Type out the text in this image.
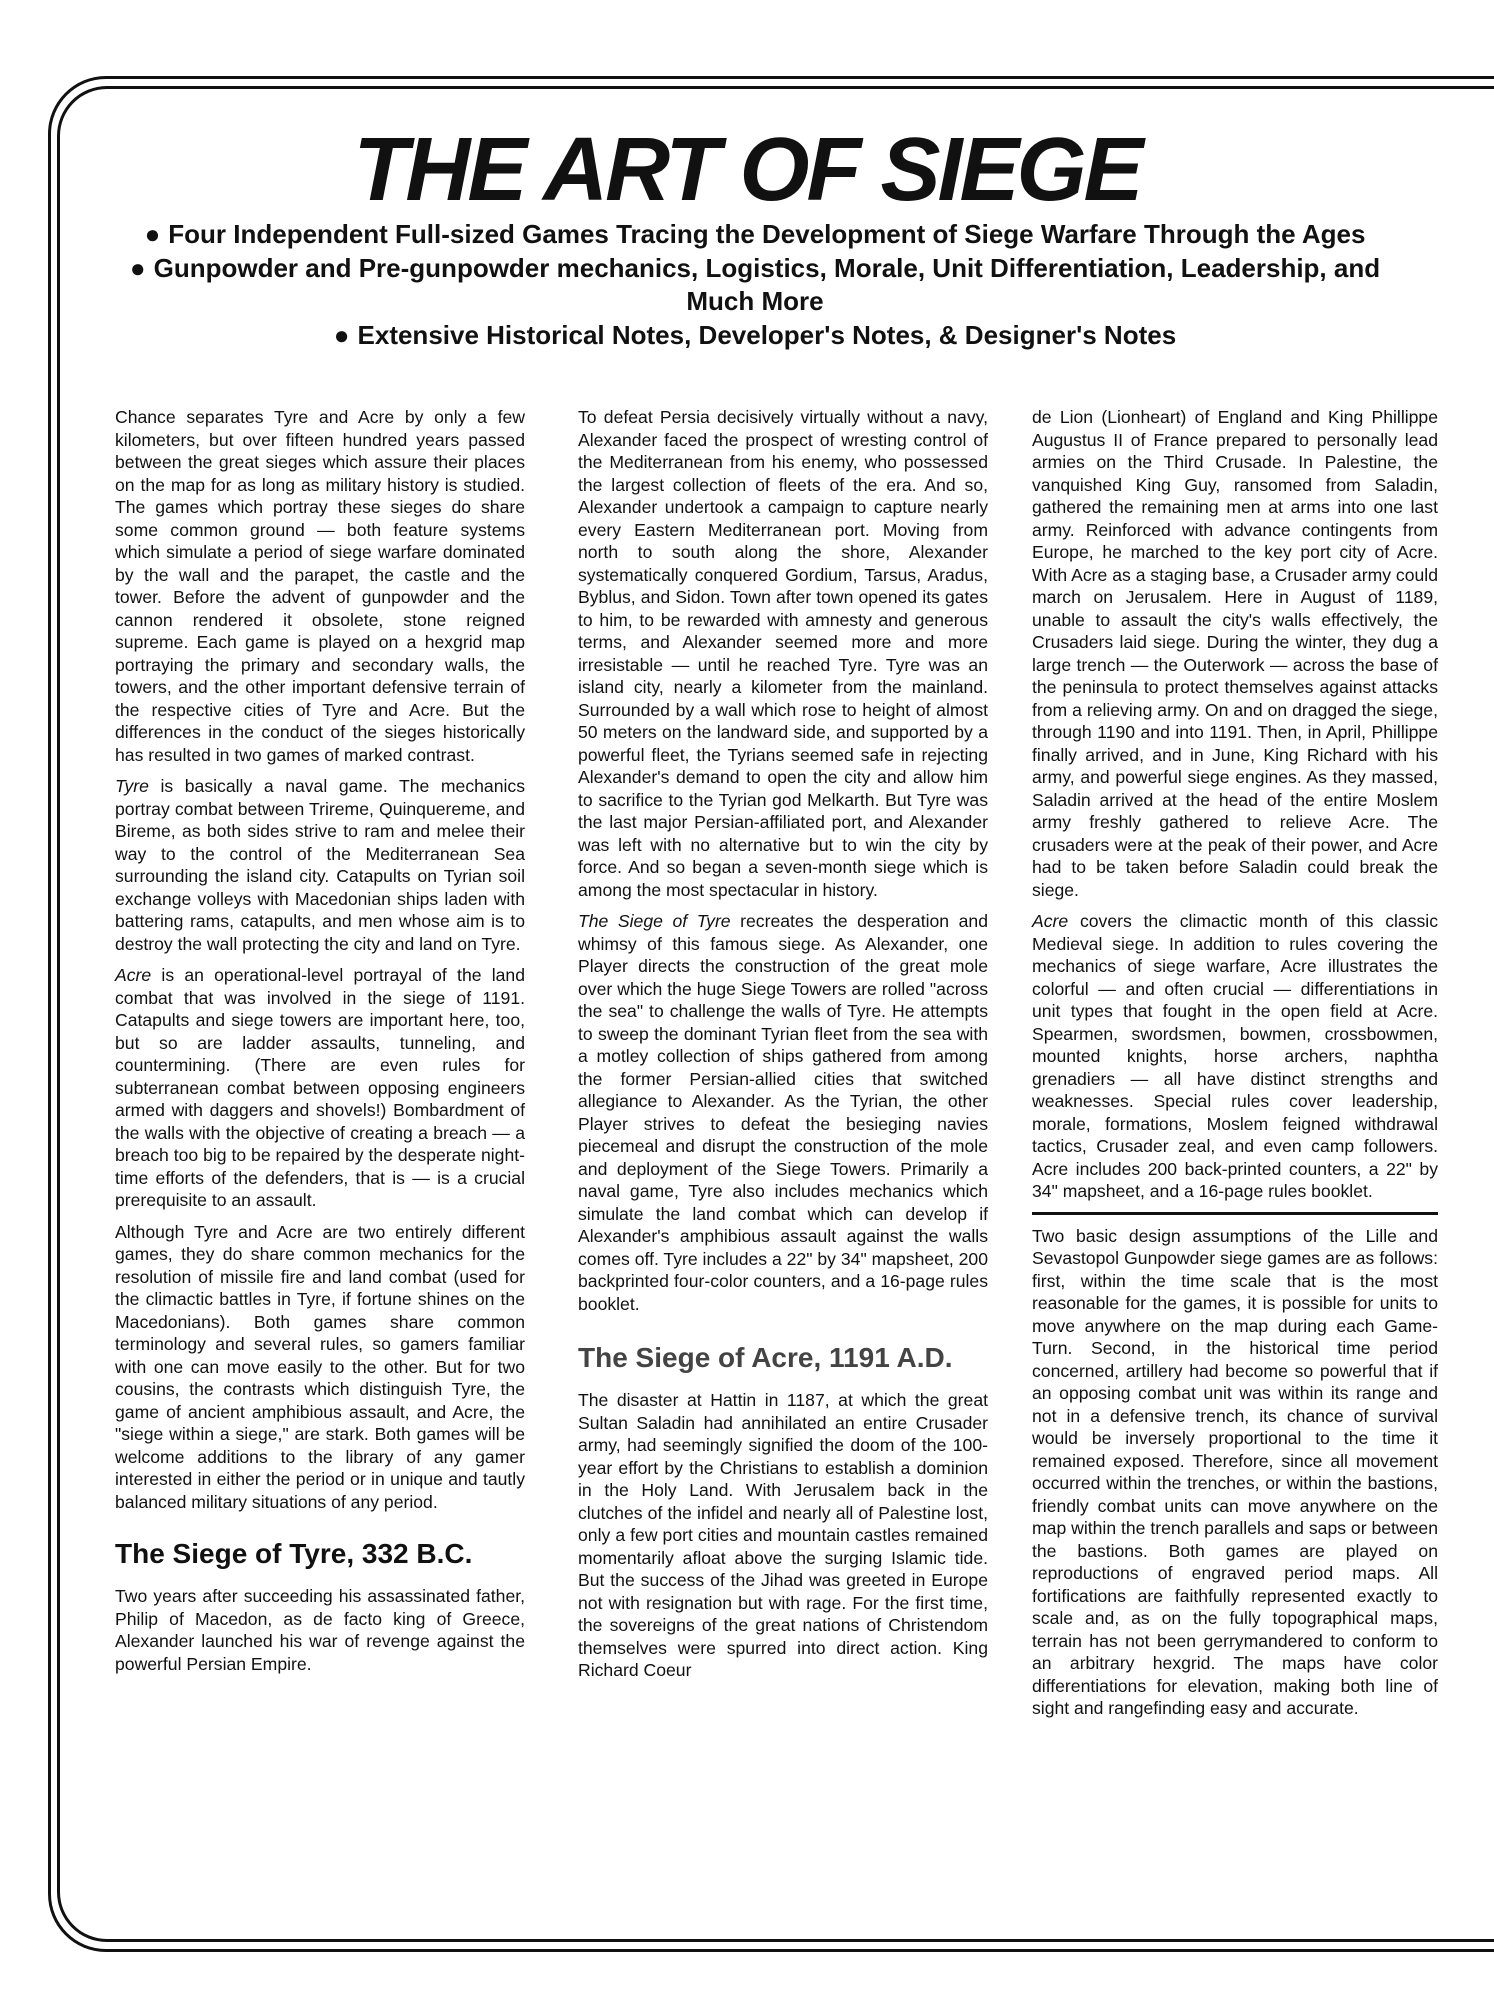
THE ART OF SIEGE
● Four Independent Full-sized Games Tracing the Development of Siege Warfare Through the Ages
● Gunpowder and Pre-gunpowder mechanics, Logistics, Morale, Unit Differentiation, Leadership, and Much More
● Extensive Historical Notes, Developer's Notes, & Designer's Notes

Chance separates Tyre and Acre by only a few kilometers, but over fifteen hundred years passed between the great sieges which assure their places on the map for as long as military history is studied. The games which portray these sieges do share some common ground — both feature systems which simulate a period of siege warfare dominated by the wall and the parapet, the castle and the tower. Before the advent of gunpowder and the cannon rendered it obsolete, stone reigned supreme. Each game is played on a hexgrid map portraying the primary and secondary walls, the towers, and the other important defensive terrain of the respective cities of Tyre and Acre. But the differences in the conduct of the sieges historically has resulted in two games of marked contrast.

Tyre is basically a naval game. The mechanics portray combat between Trireme, Quinquereme, and Bireme, as both sides strive to ram and melee their way to the control of the Mediterranean Sea surrounding the island city. Catapults on Tyrian soil exchange volleys with Macedonian ships laden with battering rams, catapults, and men whose aim is to destroy the wall protecting the city and land on Tyre.

Acre is an operational-level portrayal of the land combat that was involved in the siege of 1191. Catapults and siege towers are important here, too, but so are ladder assaults, tunneling, and countermining. (There are even rules for subterranean combat between opposing engineers armed with daggers and shovels!) Bombardment of the walls with the objective of creating a breach — a breach too big to be repaired by the desperate night-time efforts of the defenders, that is — is a crucial prerequisite to an assault.

Although Tyre and Acre are two entirely different games, they do share common mechanics for the resolution of missile fire and land combat (used for the climactic battles in Tyre, if fortune shines on the Macedonians). Both games share common terminology and several rules, so gamers familiar with one can move easily to the other. But for two cousins, the contrasts which distinguish Tyre, the game of ancient amphibious assault, and Acre, the "siege within a siege," are stark. Both games will be welcome additions to the library of any gamer interested in either the period or in unique and tautly balanced military situations of any period.

The Siege of Tyre, 332 B.C.

Two years after succeeding his assassinated father, Philip of Macedon, as de facto king of Greece, Alexander launched his war of revenge against the powerful Persian Empire.

To defeat Persia decisively virtually without a navy, Alexander faced the prospect of wresting control of the Mediterranean from his enemy, who possessed the largest collection of fleets of the era. And so, Alexander undertook a campaign to capture nearly every Eastern Mediterranean port. Moving from north to south along the shore, Alexander systematically conquered Gordium, Tarsus, Aradus, Byblus, and Sidon. Town after town opened its gates to him, to be rewarded with amnesty and generous terms, and Alexander seemed more and more irresistable — until he reached Tyre. Tyre was an island city, nearly a kilometer from the mainland. Surrounded by a wall which rose to height of almost 50 meters on the landward side, and supported by a powerful fleet, the Tyrians seemed safe in rejecting Alexander's demand to open the city and allow him to sacrifice to the Tyrian god Melkarth. But Tyre was the last major Persian-affiliated port, and Alexander was left with no alternative but to win the city by force. And so began a seven-month siege which is among the most spectacular in history.

The Siege of Tyre recreates the desperation and whimsy of this famous siege. As Alexander, one Player directs the construction of the great mole over which the huge Siege Towers are rolled "across the sea" to challenge the walls of Tyre. He attempts to sweep the dominant Tyrian fleet from the sea with a motley collection of ships gathered from among the former Persian-allied cities that switched allegiance to Alexander. As the Tyrian, the other Player strives to defeat the besieging navies piecemeal and disrupt the construction of the mole and deployment of the Siege Towers. Primarily a naval game, Tyre also includes mechanics which simulate the land combat which can develop if Alexander's amphibious assault against the walls comes off. Tyre includes a 22" by 34" mapsheet, 200 backprinted four-color counters, and a 16-page rules booklet.

The Siege of Acre, 1191 A.D.

The disaster at Hattin in 1187, at which the great Sultan Saladin had annihilated an entire Crusader army, had seemingly signified the doom of the 100-year effort by the Christians to establish a dominion in the Holy Land. With Jerusalem back in the clutches of the infidel and nearly all of Palestine lost, only a few port cities and mountain castles remained momentarily afloat above the surging Islamic tide. But the success of the Jihad was greeted in Europe not with resignation but with rage. For the first time, the sovereigns of the great nations of Christendom themselves were spurred into direct action. King Richard Coeur

de Lion (Lionheart) of England and King Phillippe Augustus II of France prepared to personally lead armies on the Third Crusade. In Palestine, the vanquished King Guy, ransomed from Saladin, gathered the remaining men at arms into one last army. Reinforced with advance contingents from Europe, he marched to the key port city of Acre. With Acre as a staging base, a Crusader army could march on Jerusalem. Here in August of 1189, unable to assault the city's walls effectively, the Crusaders laid siege. During the winter, they dug a large trench — the Outerwork — across the base of the peninsula to protect themselves against attacks from a relieving army. On and on dragged the siege, through 1190 and into 1191. Then, in April, Phillippe finally arrived, and in June, King Richard with his army, and powerful siege engines. As they massed, Saladin arrived at the head of the entire Moslem army freshly gathered to relieve Acre. The crusaders were at the peak of their power, and Acre had to be taken before Saladin could break the siege.

Acre covers the climactic month of this classic Medieval siege. In addition to rules covering the mechanics of siege warfare, Acre illustrates the colorful — and often crucial — differentiations in unit types that fought in the open field at Acre. Spearmen, swordsmen, bowmen, crossbowmen, mounted knights, horse archers, naphtha grenadiers — all have distinct strengths and weaknesses. Special rules cover leadership, morale, formations, Moslem feigned withdrawal tactics, Crusader zeal, and even camp followers. Acre includes 200 back-printed counters, a 22" by 34" mapsheet, and a 16-page rules booklet.

Two basic design assumptions of the Lille and Sevastopol Gunpowder siege games are as follows: first, within the time scale that is the most reasonable for the games, it is possible for units to move anywhere on the map during each Game-Turn. Second, in the historical time period concerned, artillery had become so powerful that if an opposing combat unit was within its range and not in a defensive trench, its chance of survival would be inversely proportional to the time it remained exposed. Therefore, since all movement occurred within the trenches, or within the bastions, friendly combat units can move anywhere on the map within the trench parallels and saps or between the bastions. Both games are played on reproductions of engraved period maps. All fortifications are faithfully represented exactly to scale and, as on the fully topographical maps, terrain has not been gerrymandered to conform to an arbitrary hexgrid. The maps have color differentiations for elevation, making both line of sight and rangefinding easy and accurate.
